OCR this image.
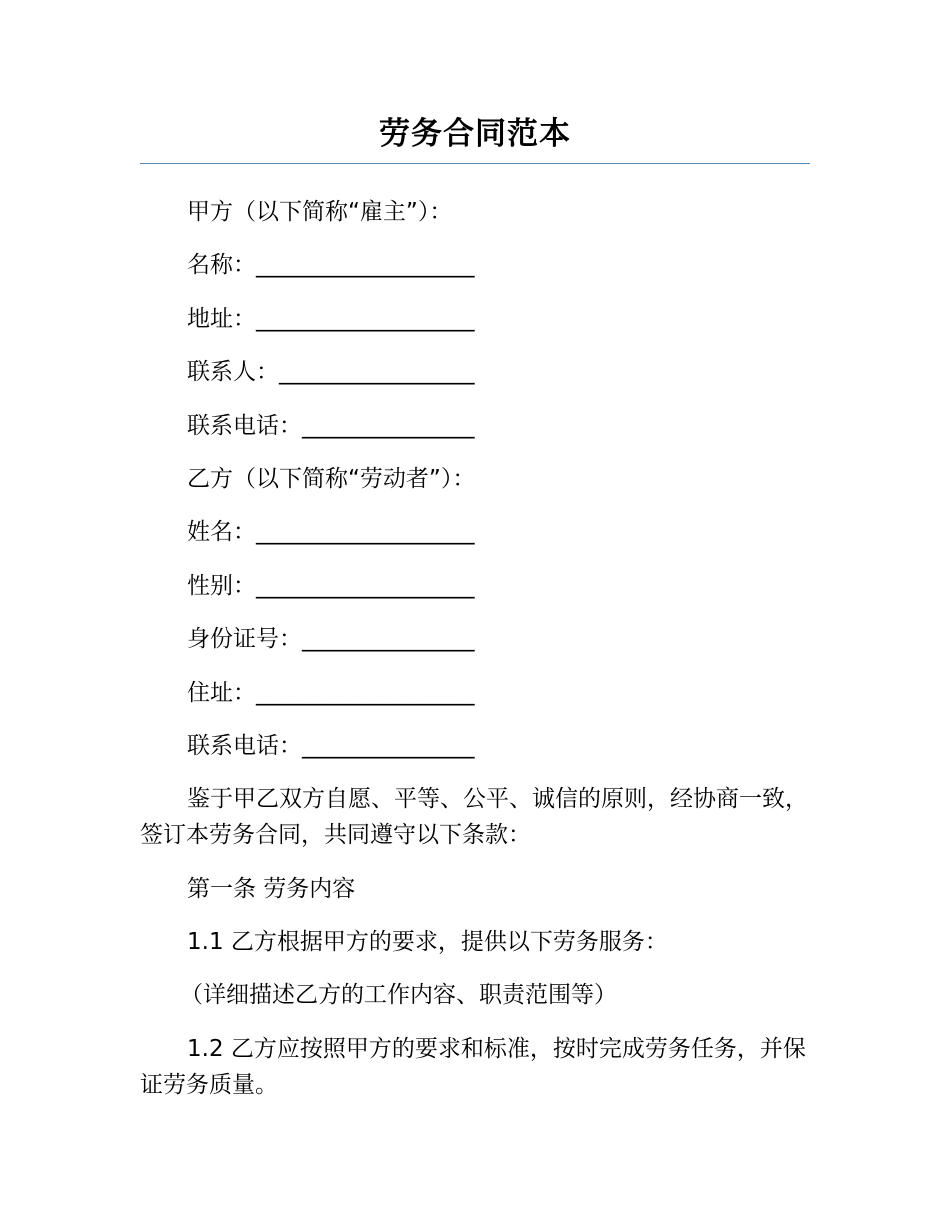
劳务合同范本

甲方（以下简称“雇主”）：

名称：___________________

地址：___________________

联系人：_________________

联系电话：_______________

乙方（以下简称“劳动者”）：

姓名：___________________

性别：___________________

身份证号：_______________

住址：___________________

联系电话：_______________

鉴于甲乙双方自愿、平等、公平、诚信的原则，经协商一致，签订本劳务合同，共同遵守以下条款：

第一条 劳务内容

1.1 乙方根据甲方的要求，提供以下劳务服务：

（详细描述乙方的工作内容、职责范围等）

1.2 乙方应按照甲方的要求和标准，按时完成劳务任务，并保证劳务质量。
